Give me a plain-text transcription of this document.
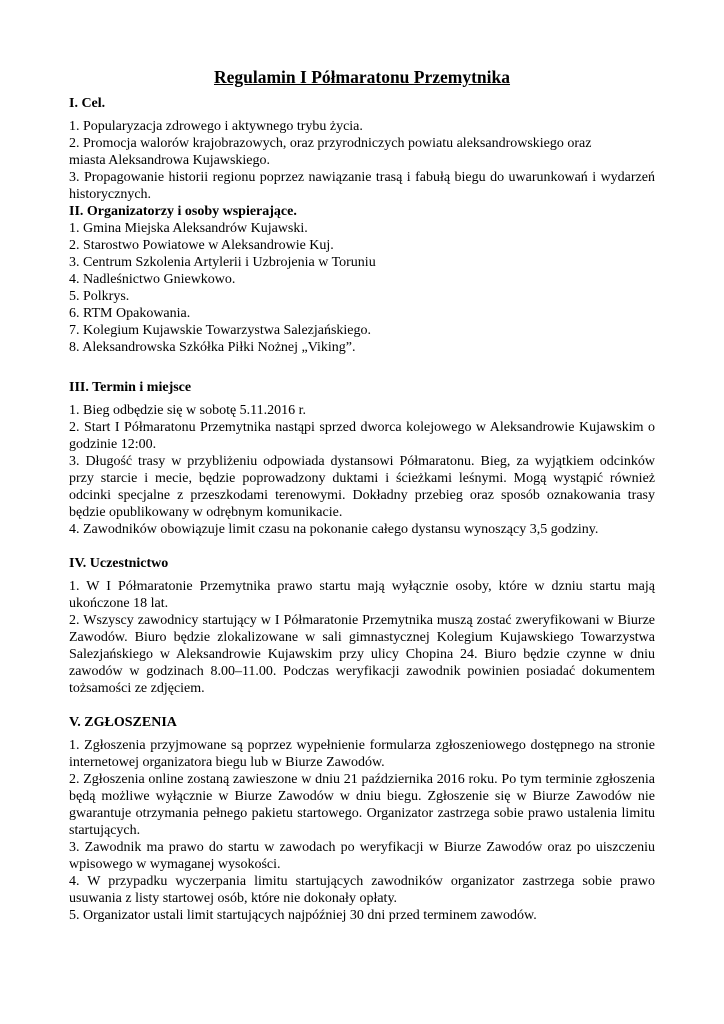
Regulamin I Półmaratonu Przemytnika

I. Cel.

1. Popularyzacja zdrowego i aktywnego trybu życia.

2. Promocja walorów krajobrazowych, oraz przyrodniczych powiatu aleksandrowskiego oraz

miasta Aleksandrowa Kujawskiego.

3. Propagowanie historii regionu poprzez nawiązanie trasą i fabułą biegu do uwarunkowań i wydarzeń historycznych.

II. Organizatorzy i osoby wspierające.

1. Gmina Miejska Aleksandrów Kujawski.

2. Starostwo Powiatowe w Aleksandrowie Kuj.

3. Centrum Szkolenia Artylerii i Uzbrojenia w Toruniu

4. Nadleśnictwo Gniewkowo.

5. Polkrys.

6. RTM Opakowania.

7. Kolegium Kujawskie Towarzystwa Salezjańskiego.

8. Aleksandrowska Szkółka Piłki Nożnej „Viking”.

III. Termin i miejsce

1. Bieg odbędzie się w sobotę 5.11.2016 r.

2. Start I Półmaratonu Przemytnika nastąpi sprzed dworca kolejowego w Aleksandrowie Kujawskim o godzinie 12:00.

3. Długość trasy w przybliżeniu odpowiada dystansowi Półmaratonu. Bieg, za wyjątkiem odcinków przy starcie i mecie, będzie poprowadzony duktami i ścieżkami leśnymi. Mogą wystąpić również odcinki specjalne z przeszkodami terenowymi. Dokładny przebieg oraz sposób oznakowania trasy będzie opublikowany w odrębnym komunikacie.

4. Zawodników obowiązuje limit czasu na pokonanie całego dystansu wynoszący 3,5 godziny.

IV. Uczestnictwo

1. W I Półmaratonie Przemytnika prawo startu mają wyłącznie osoby, które w dzniu startu mają ukończone 18 lat.

2. Wszyscy zawodnicy startujący w I Półmaratonie Przemytnika muszą zostać zweryfikowani w Biurze Zawodów. Biuro będzie zlokalizowane w sali gimnastycznej Kolegium Kujawskiego Towarzystwa Salezjańskiego w Aleksandrowie Kujawskim przy ulicy Chopina 24. Biuro będzie czynne w dniu zawodów w godzinach 8.00–11.00. Podczas weryfikacji zawodnik powinien posiadać dokumentem tożsamości ze zdjęciem.

V. ZGŁOSZENIA

1. Zgłoszenia przyjmowane są poprzez wypełnienie formularza zgłoszeniowego dostępnego na stronie internetowej organizatora biegu lub w Biurze Zawodów.

2. Zgłoszenia online zostaną zawieszone w dniu 21 października 2016 roku. Po tym terminie zgłoszenia będą możliwe wyłącznie w Biurze Zawodów w dniu biegu. Zgłoszenie się w Biurze Zawodów nie gwarantuje otrzymania pełnego pakietu startowego. Organizator zastrzega sobie prawo ustalenia limitu startujących.

3. Zawodnik ma prawo do startu w zawodach po weryfikacji w Biurze Zawodów oraz po uiszczeniu wpisowego w wymaganej wysokości.

4. W przypadku wyczerpania limitu startujących zawodników organizator zastrzega sobie prawo usuwania z listy startowej osób, które nie dokonały opłaty.

5. Organizator ustali limit startujących najpóźniej 30 dni przed terminem zawodów.
